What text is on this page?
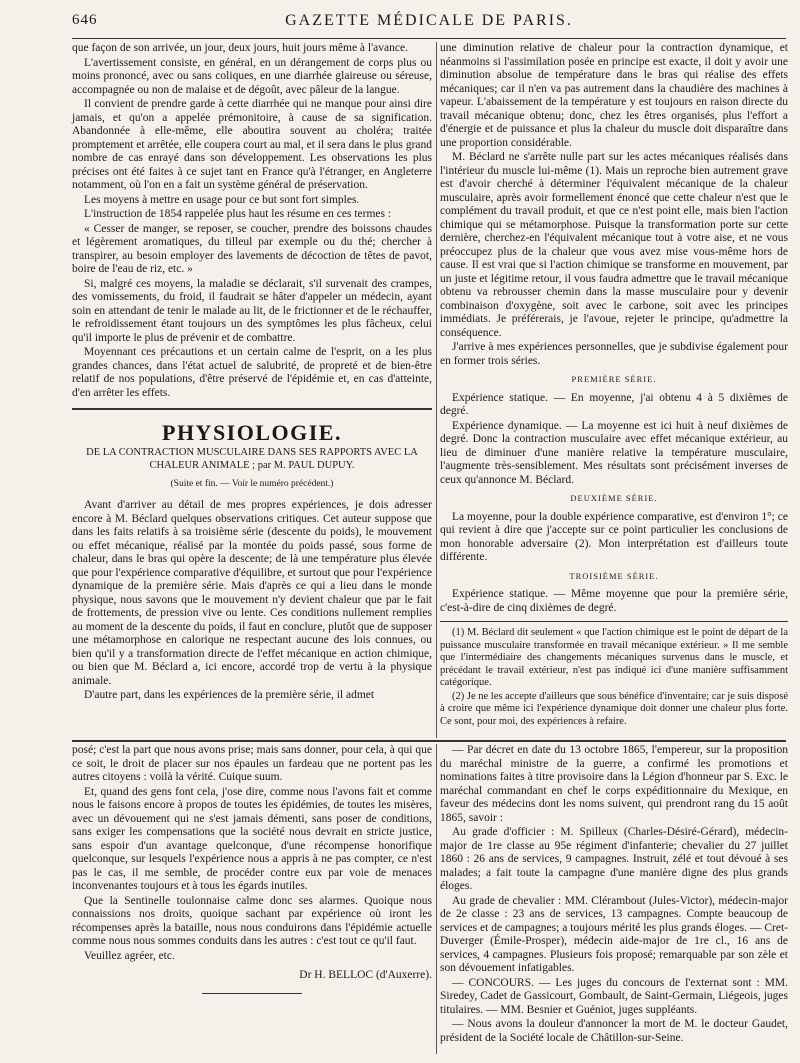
646	GAZETTE MÉDICALE DE PARIS.

que façon de son arrivée, un jour, deux jours, huit jours même à l'avance.

L'avertissement consiste, en général, en un dérangement de corps plus ou moins prononcé, avec ou sans coliques, en une diarrhée glaireuse ou séreuse, accompagnée ou non de malaise et de dégoût, avec pâleur de la langue.

Il convient de prendre garde à cette diarrhée qui ne manque pour ainsi dire jamais, et qu'on a appelée prémonitoire, à cause de sa signification. Abandonnée à elle-même, elle aboutira souvent au choléra; traitée promptement et arrêtée, elle coupera court au mal, et il sera dans le plus grand nombre de cas enrayé dans son développement. Les observations les plus précises ont été faites à ce sujet tant en France qu'à l'étranger, en Angleterre notamment, où l'on en a fait un système général de préservation.

Les moyens à mettre en usage pour ce but sont fort simples.

L'instruction de 1854 rappelée plus haut les résume en ces termes :

« Cesser de manger, se reposer, se coucher, prendre des boissons chaudes et légèrement aromatiques, du tilleul par exemple ou du thé; chercher à transpirer, au besoin employer des lavements de décoction de têtes de pavot, boire de l'eau de riz, etc. »

Si, malgré ces moyens, la maladie se déclarait, s'il survenait des crampes, des vomissements, du froid, il faudrait se hâter d'appeler un médecin, ayant soin en attendant de tenir le malade au lit, de le frictionner et de le réchauffer, le refroidissement étant toujours un des symptômes les plus fâcheux, celui qu'il importe le plus de prévenir et de combattre.

Moyennant ces précautions et un certain calme de l'esprit, on a les plus grandes chances, dans l'état actuel de salubrité, de propreté et de bien-être relatif de nos populations, d'être préservé de l'épidémie et, en cas d'atteinte, d'en arrêter les effets.

PHYSIOLOGIE.
DE LA CONTRACTION MUSCULAIRE DANS SES RAPPORTS AVEC LA CHALEUR ANIMALE ; par M. PAUL DUPUY.
(Suite et fin. — Voir le numéro précédent.)

Avant d'arriver au détail de mes propres expériences, je dois adresser encore à M. Béclard quelques observations critiques. Cet auteur suppose que dans les faits relatifs à sa troisième série (descente du poids), le mouvement ou effet mécanique, réalisé par la montée du poids passé, sous forme de chaleur, dans le bras qui opère la descente; de là une température plus élevée que pour l'expérience comparative d'équilibre, et surtout que pour l'expérience dynamique de la première série. Mais d'après ce qui a lieu dans le monde physique, nous savons que le mouvement n'y devient chaleur que par le fait de frottements, de pression vive ou lente. Ces conditions nullement remplies au moment de la descente du poids, il faut en conclure, plutôt que de supposer une métamorphose en calorique ne respectant aucune des lois connues, ou bien qu'il y a transformation directe de l'effet mécanique en action chimique, ou bien que M. Béclard a, ici encore, accordé trop de vertu à la physique animale.

D'autre part, dans les expériences de la première série, il admet

une diminution relative de chaleur pour la contraction dynamique, et néanmoins si l'assimilation posée en principe est exacte, il doit y avoir une diminution absolue de température dans le bras qui réalise des effets mécaniques; car il n'en va pas autrement dans la chaudière des machines à vapeur. L'abaissement de la température y est toujours en raison directe du travail mécanique obtenu; donc, chez les êtres organisés, plus l'effort a d'énergie et de puissance et plus la chaleur du muscle doit disparaître dans une proportion considérable.

M. Béclard ne s'arrête nulle part sur les actes mécaniques réalisés dans l'intérieur du muscle lui-même (1). Mais un reproche bien autrement grave est d'avoir cherché à déterminer l'équivalent mécanique de la chaleur musculaire, après avoir formellement énoncé que cette chaleur n'est que le complément du travail produit, et que ce n'est point elle, mais bien l'action chimique qui se métamorphose. Puisque la transformation porte sur cette dernière, cherchez-en l'équivalent mécanique tout à votre aise, et ne vous préoccupez plus de la chaleur que vous avez mise vous-même hors de cause. Il est vrai que si l'action chimique se transforme en mouvement, par un juste et légitime retour, il vous faudra admettre que le travail mécanique obtenu va rebrousser chemin dans la masse musculaire pour y devenir combinaison d'oxygène, soit avec le carbone, soit avec les principes immédiats. Je préférerais, je l'avoue, rejeter le principe, qu'admettre la conséquence.

J'arrive à mes expériences personnelles, que je subdivise également pour en former trois séries.

PREMIÈRE SÉRIE.

Expérience statique. — En moyenne, j'ai obtenu 4 à 5 dixièmes de degré.

Expérience dynamique. — La moyenne est ici huit à neuf dixièmes de degré. Donc la contraction musculaire avec effet mécanique extérieur, au lieu de diminuer d'une manière relative la température musculaire, l'augmente très-sensiblement. Mes résultats sont précisément inverses de ceux qu'annonce M. Béclard.

DEUXIÈME SÉRIE.

La moyenne, pour la double expérience comparative, est d'environ 1°; ce qui revient à dire que j'accepte sur ce point particulier les conclusions de mon honorable adversaire (2). Mon interprétation est d'ailleurs toute différente.

TROISIÈME SÉRIE.

Expérience statique. — Même moyenne que pour la première série, c'est-à-dire de cinq dixièmes de degré.

(1) M. Béclard dit seulement « que l'action chimique est le point de départ de la puissance musculaire transformée en travail mécanique extérieur. » Il me semble que l'intermédiaire des changements mécaniques survenus dans le muscle, et précédant le travail extérieur, n'est pas indiqué ici d'une manière suffisamment catégorique.

(2) Je ne les accepte d'ailleurs que sous bénéfice d'inventaire; car je suis disposé à croire que même ici l'expérience dynamique doit donner une chaleur plus forte. Ce sont, pour moi, des expériences à refaire.

posé; c'est la part que nous avons prise; mais sans donner, pour cela, à qui que ce soit, le droit de placer sur nos épaules un fardeau que ne portent pas les autres citoyens : voilà la vérité. Cuique suum.

Et, quand des gens font cela, j'ose dire, comme nous l'avons fait et comme nous le faisons encore à propos de toutes les épidémies, de toutes les misères, avec un dévouement qui ne s'est jamais démenti, sans poser de conditions, sans exiger les compensations que la société nous devrait en stricte justice, sans espoir d'un avantage quelconque, d'une récompense honorifique quelconque, sur lesquels l'expérience nous a appris à ne pas compter, ce n'est pas le cas, il me semble, de procéder contre eux par voie de menaces inconvenantes toujours et à tous les égards inutiles.

Que la Sentinelle toulonnaise calme donc ses alarmes. Quoique nous connaissions nos droits, quoique sachant par expérience où iront les récompenses après la bataille, nous nous conduirons dans l'épidémie actuelle comme nous nous sommes conduits dans les autres : c'est tout ce qu'il faut.

Veuillez agréer, etc.

Dr H. BELLOC (d'Auxerre).

— Par décret en date du 13 octobre 1865, l'empereur, sur la proposition du maréchal ministre de la guerre, a confirmé les promotions et nominations faites à titre provisoire dans la Légion d'honneur par S. Exc. le maréchal commandant en chef le corps expéditionnaire du Mexique, en faveur des médecins dont les noms suivent, qui prendront rang du 15 août 1865, savoir :

Au grade d'officier : M. Spilleux (Charles-Désiré-Gérard), médecin-major de 1re classe au 95e régiment d'infanterie; chevalier du 27 juillet 1860 : 26 ans de services, 9 campagnes. Instruit, zélé et tout dévoué à ses malades; a fait toute la campagne d'une manière digne des plus grands éloges.

Au grade de chevalier : MM. Clérambout (Jules-Victor), médecin-major de 2e classe : 23 ans de services, 13 campagnes. Compte beaucoup de services et de campagnes; a toujours mérité les plus grands éloges. — Cret-Duverger (Émile-Prosper), médecin aide-major de 1re cl., 16 ans de services, 4 campagnes. Plusieurs fois proposé; remarquable par son zèle et son dévouement infatigables.

— CONCOURS. — Les juges du concours de l'externat sont : MM. Siredey, Cadet de Gassicourt, Gombault, de Saint-Germain, Liégeois, juges titulaires. — MM. Besnier et Guéniot, juges suppléants.

— Nous avons la douleur d'annoncer la mort de M. le docteur Gaudet, président de la Société locale de Châtillon-sur-Seine.
